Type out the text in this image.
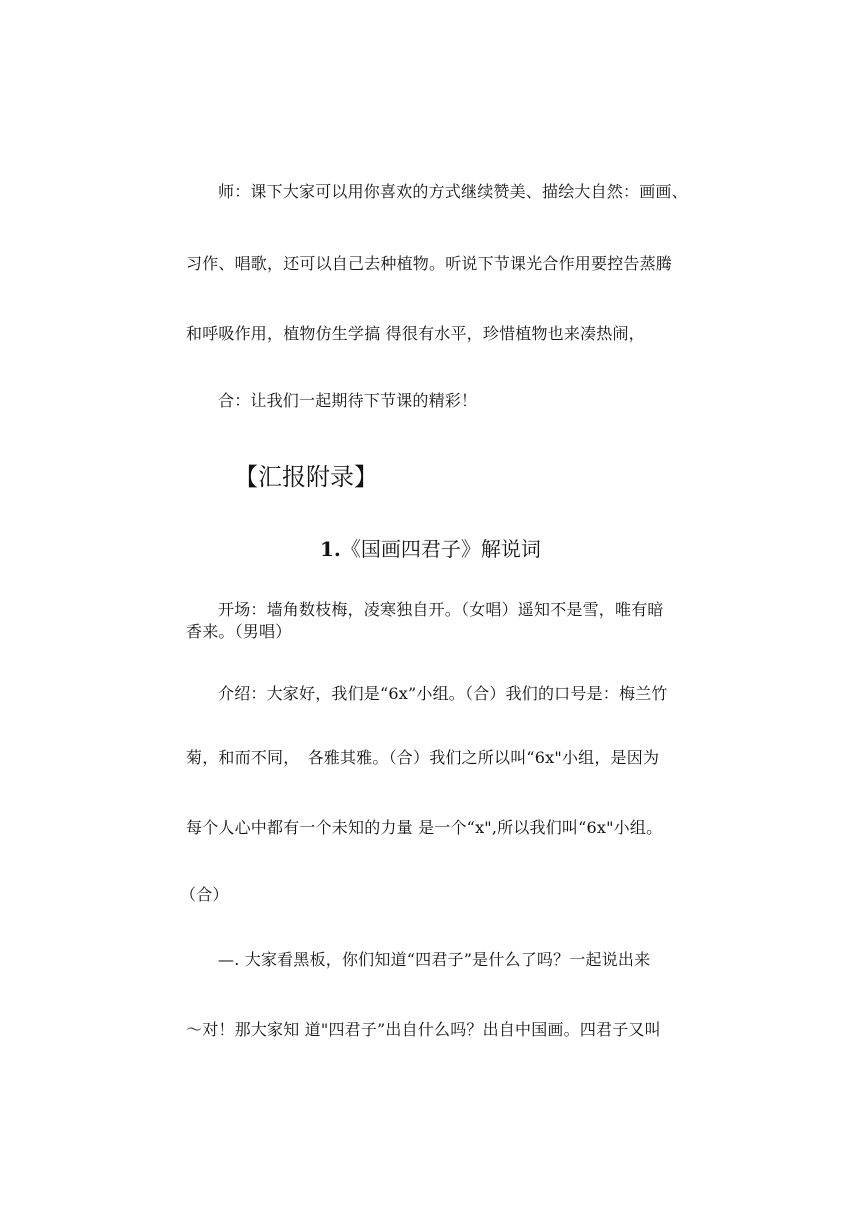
师：课下大家可以用你喜欢的方式继续赞美、描绘大自然：画画、
习作、唱歌，还可以自己去种植物。听说下节课光合作用要控告蒸腾
和呼吸作用，植物仿生学搞 得很有水平，珍惜植物也来凑热闹，
合：让我们一起期待下节课的精彩！
【汇报附录】
1.《国画四君子》解说词
开场：墙角数枝梅，凌寒独自开。（女唱）遥知不是雪，唯有暗
香来。（男唱）
介绍：大家好，我们是“6x”小组。（合）我们的口号是：梅兰竹
菊，和而不同，　各雅其雅。（合）我们之所以叫“6x"小组，是因为
每个人心中都有一个未知的力量 是一个“x",所以我们叫“6x"小组。
（合）
—. 大家看黑板，你们知道“四君子”是什么了吗？一起说出来
～对！那大家知 道"四君子”出自什么吗？出自中国画。四君子又叫
